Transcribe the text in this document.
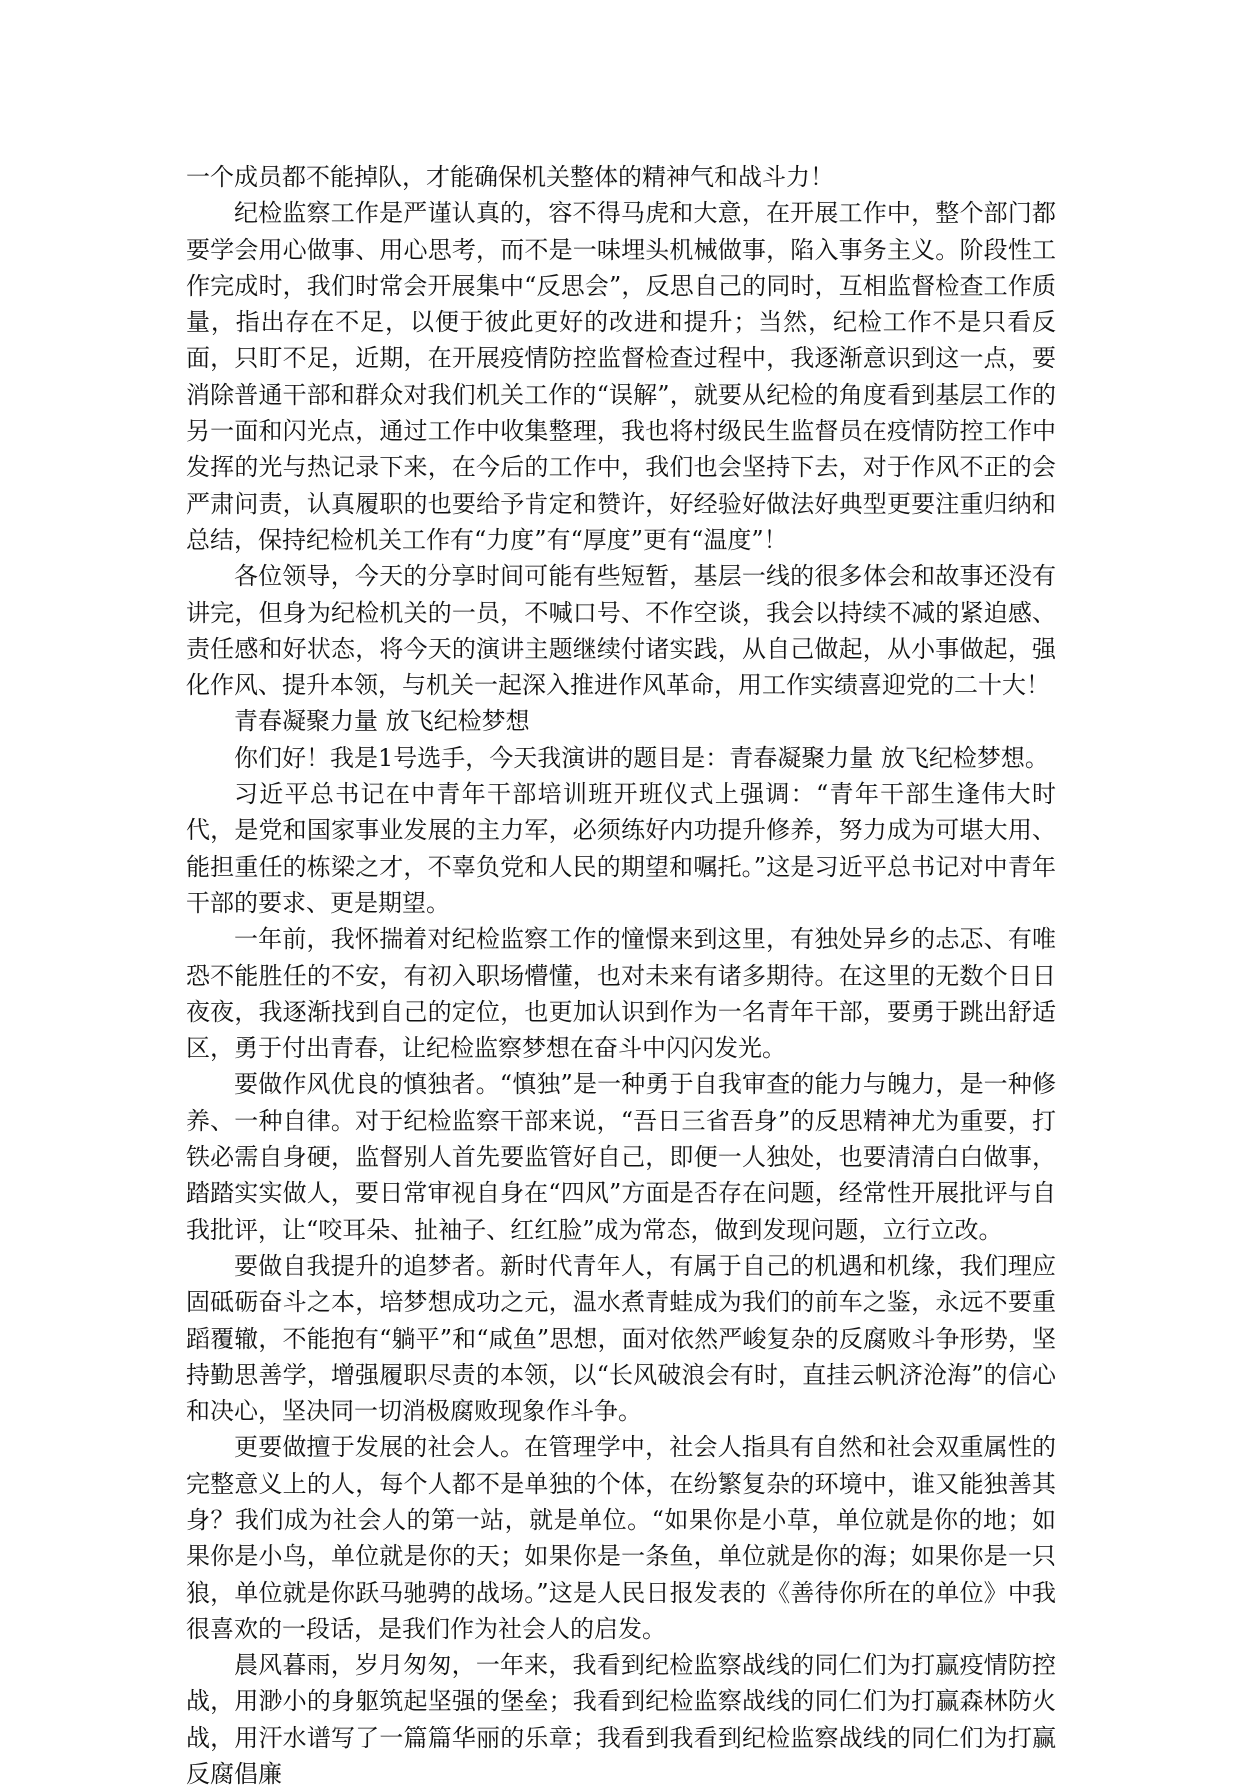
一个成员都不能掉队，才能确保机关整体的精神气和战斗力！

纪检监察工作是严谨认真的，容不得马虎和大意，在开展工作中，整个部门都要学会用心做事、用心思考，而不是一味埋头机械做事，陷入事务主义。阶段性工作完成时，我们时常会开展集中“反思会”，反思自己的同时，互相监督检查工作质量，指出存在不足，以便于彼此更好的改进和提升；当然，纪检工作不是只看反面，只盯不足，近期，在开展疫情防控监督检查过程中，我逐渐意识到这一点，要消除普通干部和群众对我们机关工作的“误解”，就要从纪检的角度看到基层工作的另一面和闪光点，通过工作中收集整理，我也将村级民生监督员在疫情防控工作中发挥的光与热记录下来，在今后的工作中，我们也会坚持下去，对于作风不正的会严肃问责，认真履职的也要给予肯定和赞许，好经验好做法好典型更要注重归纳和总结，保持纪检机关工作有“力度”有“厚度”更有“温度”！

各位领导，今天的分享时间可能有些短暂，基层一线的很多体会和故事还没有讲完，但身为纪检机关的一员，不喊口号、不作空谈，我会以持续不减的紧迫感、责任感和好状态，将今天的演讲主题继续付诸实践，从自己做起，从小事做起，强化作风、提升本领，与机关一起深入推进作风革命，用工作实绩喜迎党的二十大！

青春凝聚力量 放飞纪检梦想

你们好！我是1号选手，今天我演讲的题目是：青春凝聚力量 放飞纪检梦想。

习近平总书记在中青年干部培训班开班仪式上强调：“青年干部生逢伟大时代，是党和国家事业发展的主力军，必须练好内功提升修养，努力成为可堪大用、能担重任的栋梁之才，不辜负党和人民的期望和嘱托。”这是习近平总书记对中青年干部的要求、更是期望。

一年前，我怀揣着对纪检监察工作的憧憬来到这里，有独处异乡的忐忑、有唯恐不能胜任的不安，有初入职场懵懂，也对未来有诸多期待。在这里的无数个日日夜夜，我逐渐找到自己的定位，也更加认识到作为一名青年干部，要勇于跳出舒适区，勇于付出青春，让纪检监察梦想在奋斗中闪闪发光。

要做作风优良的慎独者。“慎独”是一种勇于自我审查的能力与魄力，是一种修养、一种自律。对于纪检监察干部来说，“吾日三省吾身”的反思精神尤为重要，打铁必需自身硬，监督别人首先要监管好自己，即便一人独处，也要清清白白做事，踏踏实实做人，要日常审视自身在“四风”方面是否存在问题，经常性开展批评与自我批评，让“咬耳朵、扯袖子、红红脸”成为常态，做到发现问题，立行立改。

要做自我提升的追梦者。新时代青年人，有属于自己的机遇和机缘，我们理应固砥砺奋斗之本，培梦想成功之元，温水煮青蛙成为我们的前车之鉴，永远不要重蹈覆辙，不能抱有“躺平”和“咸鱼”思想，面对依然严峻复杂的反腐败斗争形势，坚持勤思善学，增强履职尽责的本领，以“长风破浪会有时，直挂云帆济沧海”的信心和决心，坚决同一切消极腐败现象作斗争。

更要做擅于发展的社会人。在管理学中，社会人指具有自然和社会双重属性的完整意义上的人，每个人都不是单独的个体，在纷繁复杂的环境中，谁又能独善其身？我们成为社会人的第一站，就是单位。“如果你是小草，单位就是你的地；如果你是小鸟，单位就是你的天；如果你是一条鱼，单位就是你的海；如果你是一只狼，单位就是你跃马驰骋的战场。”这是人民日报发表的《善待你所在的单位》中我很喜欢的一段话，是我们作为社会人的启发。

晨风暮雨，岁月匆匆，一年来，我看到纪检监察战线的同仁们为打赢疫情防控战，用渺小的身躯筑起坚强的堡垒；我看到纪检监察战线的同仁们为打赢森林防火战，用汗水谱写了一篇篇华丽的乐章；我看到我看到纪检监察战线的同仁们为打赢反腐倡廉
